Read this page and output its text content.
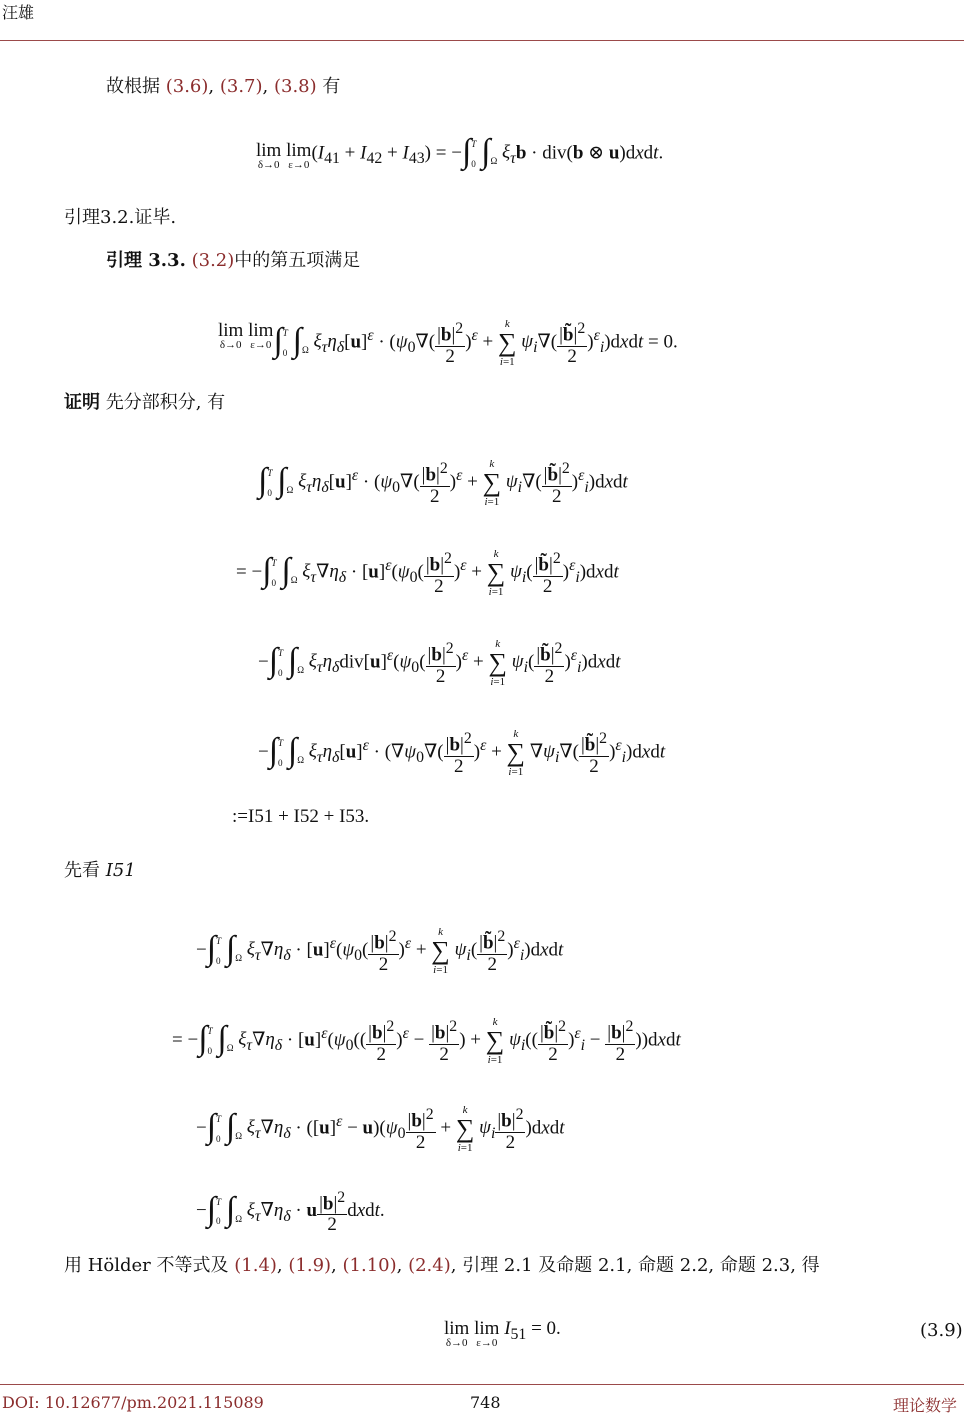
汪雄
故根据 (3.6), (3.7), (3.8) 有
lim
δ→0
lim
ε→0
$(I_{41} + I_{42} + I_{43}) = -\int^T$
$_0$ ∫
$_\Omega$ $\xi_\tau b \cdot div(b$ ⊗ u)dxdt.
引理3.2.证毕.
引理 3.3. (3.2)中的第五项满足
lim
δ→0
lim
ε→0 ∫$^T$
$_0$ ∫
$_\Omega$ $\xi_\tau\eta_\delta[u]^\varepsilon \cdot (\psi_0\nabla( \frac{|b|^2}{2} )^\varepsilon$ +
k
∑
i=1
$\psi_i\nabla( \frac{|b̃|^2}{2}$ )$^\varepsilon_i)dxdt = 0$.
证明 先分部积分, 有
∫$^T$
$_0$ ∫
$_\Omega$ $\xi_\tau\eta_\delta[u]^\varepsilon \cdot (\psi_0\nabla( \frac{|b|^2}{2} )^\varepsilon$ +
k
∑
i=1
$\psi_i\nabla( \frac{|b̃|^2}{2}$ )$^\varepsilon_i)dxdt$
= −∫$^T$
$_0$ ∫
$_\Omega$ $\xi_\tau\nabla\eta_\delta \cdot [u]^\varepsilon(\psi_0( \frac{|b|^2}{2} )^\varepsilon$ +
k
∑
i=1
$\psi_i( \frac{|b̃|^2}{2}$ )$^\varepsilon_i)dxdt$
−∫$^T$
$_0$ ∫
$_\Omega$ $\xi_\tau\eta_\delta div[u]^\varepsilon(\psi_0( \frac{|b|^2}{2} )^\varepsilon$ +
k
∑
i=1
$\psi_i( \frac{|b̃|^2}{2}$ )$^\varepsilon_i)dxdt$
−∫$^T$
$_0$ ∫
$_\Omega$ $\xi_\tau\eta_\delta[u]^\varepsilon \cdot (\nabla\psi_0\nabla( \frac{|b|^2}{2} )^\varepsilon$ +
k
∑
i=1
$\nabla\psi_i\nabla( \frac{|b̃|^2}{2}$ )$^\varepsilon_i)dxdt$
:=I51 + I52 + I53.
先看 I51
−∫$^T$
$_0$ ∫
$_\Omega$ $\xi_\tau\nabla\eta_\delta \cdot [u]^\varepsilon(\psi_0( \frac{|b|^2}{2} )^\varepsilon$ +
k
∑
i=1
$\psi_i( \frac{|b̃|^2}{2}$ )$^\varepsilon_i)dxdt$
= −∫$^T$
$_0$ ∫
$_\Omega$ $\xi_\tau\nabla\eta_\delta \cdot [u]^\varepsilon(\psi_0(( \frac{|b|^2}{2} )^\varepsilon - \frac{|b|^2}{2}$ ) +
k
∑
i=1
$\psi_i(( \frac{|b̃|^2}{2} )^\varepsilon_i - \frac{|b|^2}{2}$ ))dxdt
−∫$^T$
$_0$ ∫
$_\Omega$ $\xi_\tau\nabla\eta_\delta \cdot ([u]^\varepsilon - u)(\psi_0 \frac{|b|^2}{2}$ +
k
∑
i=1
$\psi_i \frac{|b|^2}{2}$ )dxdt
−∫$^T$
$_0$ ∫
$_\Omega$ $\xi_\tau\nabla\eta_\delta \cdot u \frac{|b|^2}{2}$ dxdt.
用 Hölder 不等式及 (1.4), (1.9), (1.10), (2.4), 引理 2.1 及命题 2.1, 命题 2.2, 命题 2.3, 得
lim
δ→0
lim
ε→0
$I_{51} = 0$.	(3.9)
DOI: 10.12677/pm.2021.115089	748	理论数学
